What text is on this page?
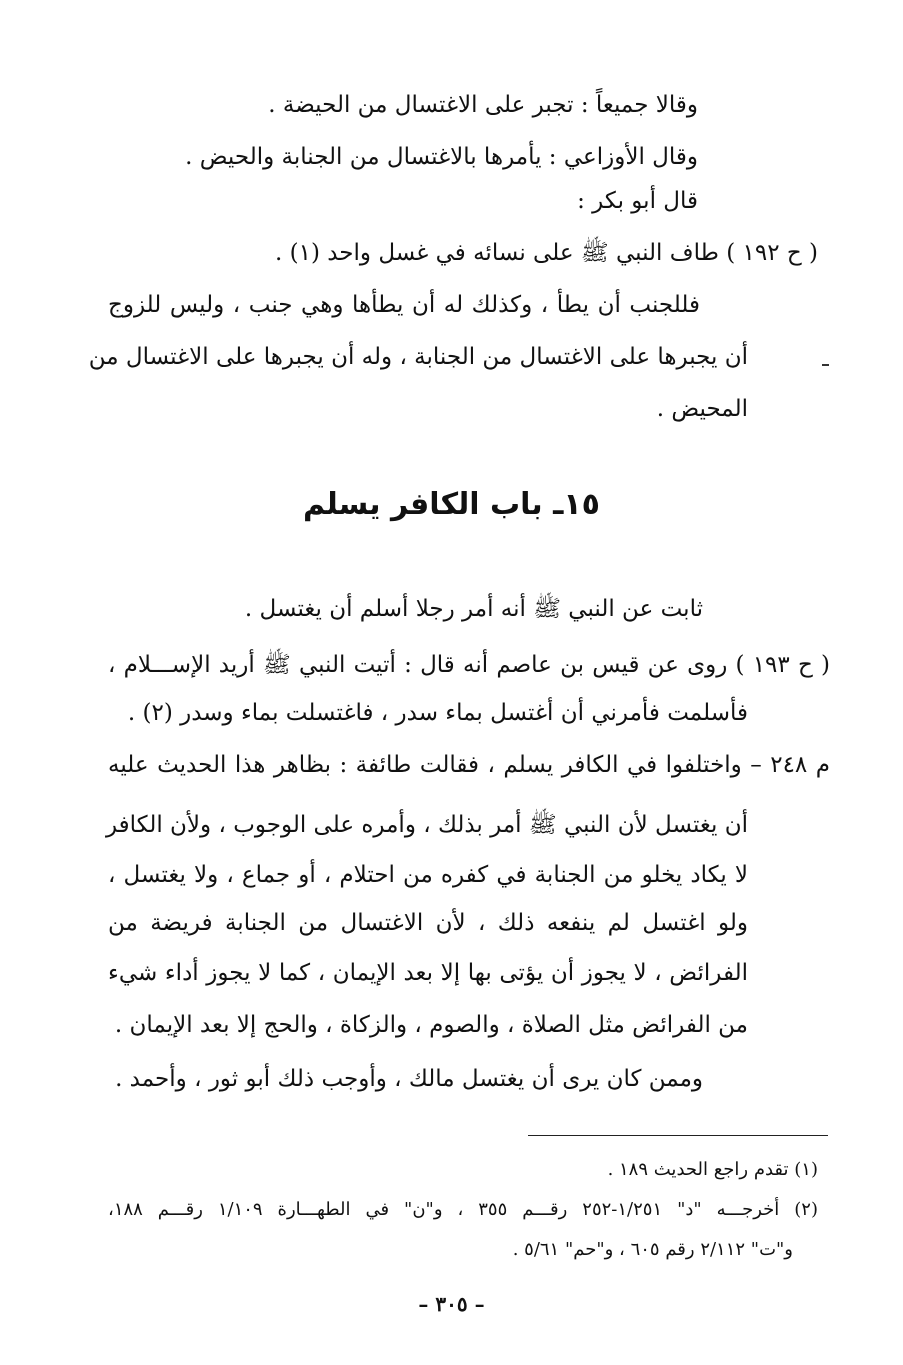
وقالا جميعاً : تجبر على الاغتسال من الحيضة .
وقال الأوزاعي : يأمرها بالاغتسال من الجنابة والحيض .
قال أبو بكر :
( ح ١٩٢ ) طاف النبي ﷺ على نسائه في غسل واحد (١) .
فللجنب أن يطأ ، وكذلك له أن يطأها وهي جنب ، وليس للزوج
أن يجبرها على الاغتسال من الجنابة ، وله أن يجبرها على الاغتسال من
المحيض .
١٥ـ باب الكافر يسلم
ثابت عن النبي ﷺ أنه أمر رجلا أسلم أن يغتسل .
( ح ١٩٣ ) روى عن قيس بن عاصم أنه قال : أتيت النبي ﷺ أريد الإســـلام ،
فأسلمت فأمرني أن أغتسل بماء سدر ، فاغتسلت بماء وسدر (٢) .
م ٢٤٨ – واختلفوا في الكافر يسلم ، فقالت طائفة : بظاهر هذا الحديث عليه
أن يغتسل لأن النبي ﷺ أمر بذلك ، وأمره على الوجوب ، ولأن الكافر
لا يكاد يخلو من الجنابة في كفره من احتلام ، أو جماع ، ولا يغتسل ،
ولو اغتسل لم ينفعه ذلك ، لأن الاغتسال من الجنابة فريضة من
الفرائض ، لا يجوز أن يؤتى بها إلا بعد الإيمان ، كما لا يجوز أداء شيء
من الفرائض مثل الصلاة ، والصوم ، والزكاة ، والحج إلا بعد الإيمان .
وممن كان يرى أن يغتسل مالك ، وأوجب ذلك أبو ثور ، وأحمد .
(١) تقدم راجع الحديث ١٨٩ .
(٢) أخرجـــه "د" ١/٢٥١-٢٥٢ رقـــم ٣٥٥ ، و"ن" في الطهـــارة ١/١٠٩ رقـــم ١٨٨،
و"ت" ٢/١١٢ رقم ٦٠٥ ، و"حم" ٥/٦١ .
– ٣٠٥ –
